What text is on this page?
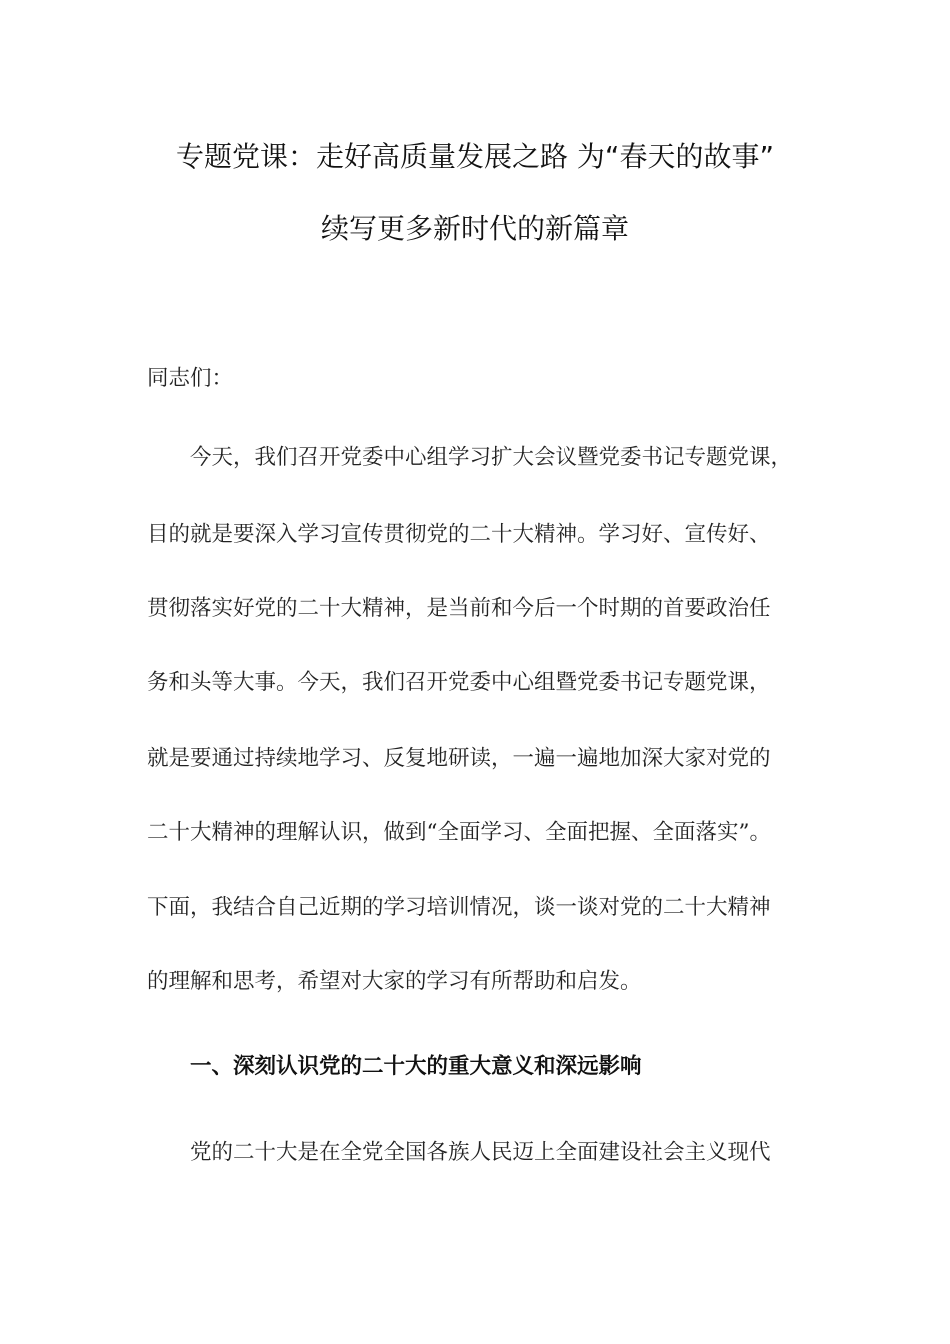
专题党课：走好高质量发展之路 为“春天的故事”
续写更多新时代的新篇章
同志们：
今天，我们召开党委中心组学习扩大会议暨党委书记专题党课，
目的就是要深入学习宣传贯彻党的二十大精神。学习好、宣传好、
贯彻落实好党的二十大精神，是当前和今后一个时期的首要政治任
务和头等大事。今天，我们召开党委中心组暨党委书记专题党课，
就是要通过持续地学习、反复地研读，一遍一遍地加深大家对党的
二十大精神的理解认识，做到“全面学习、全面把握、全面落实”。
下面，我结合自己近期的学习培训情况，谈一谈对党的二十大精神
的理解和思考，希望对大家的学习有所帮助和启发。
一、深刻认识党的二十大的重大意义和深远影响
党的二十大是在全党全国各族人民迈上全面建设社会主义现代
